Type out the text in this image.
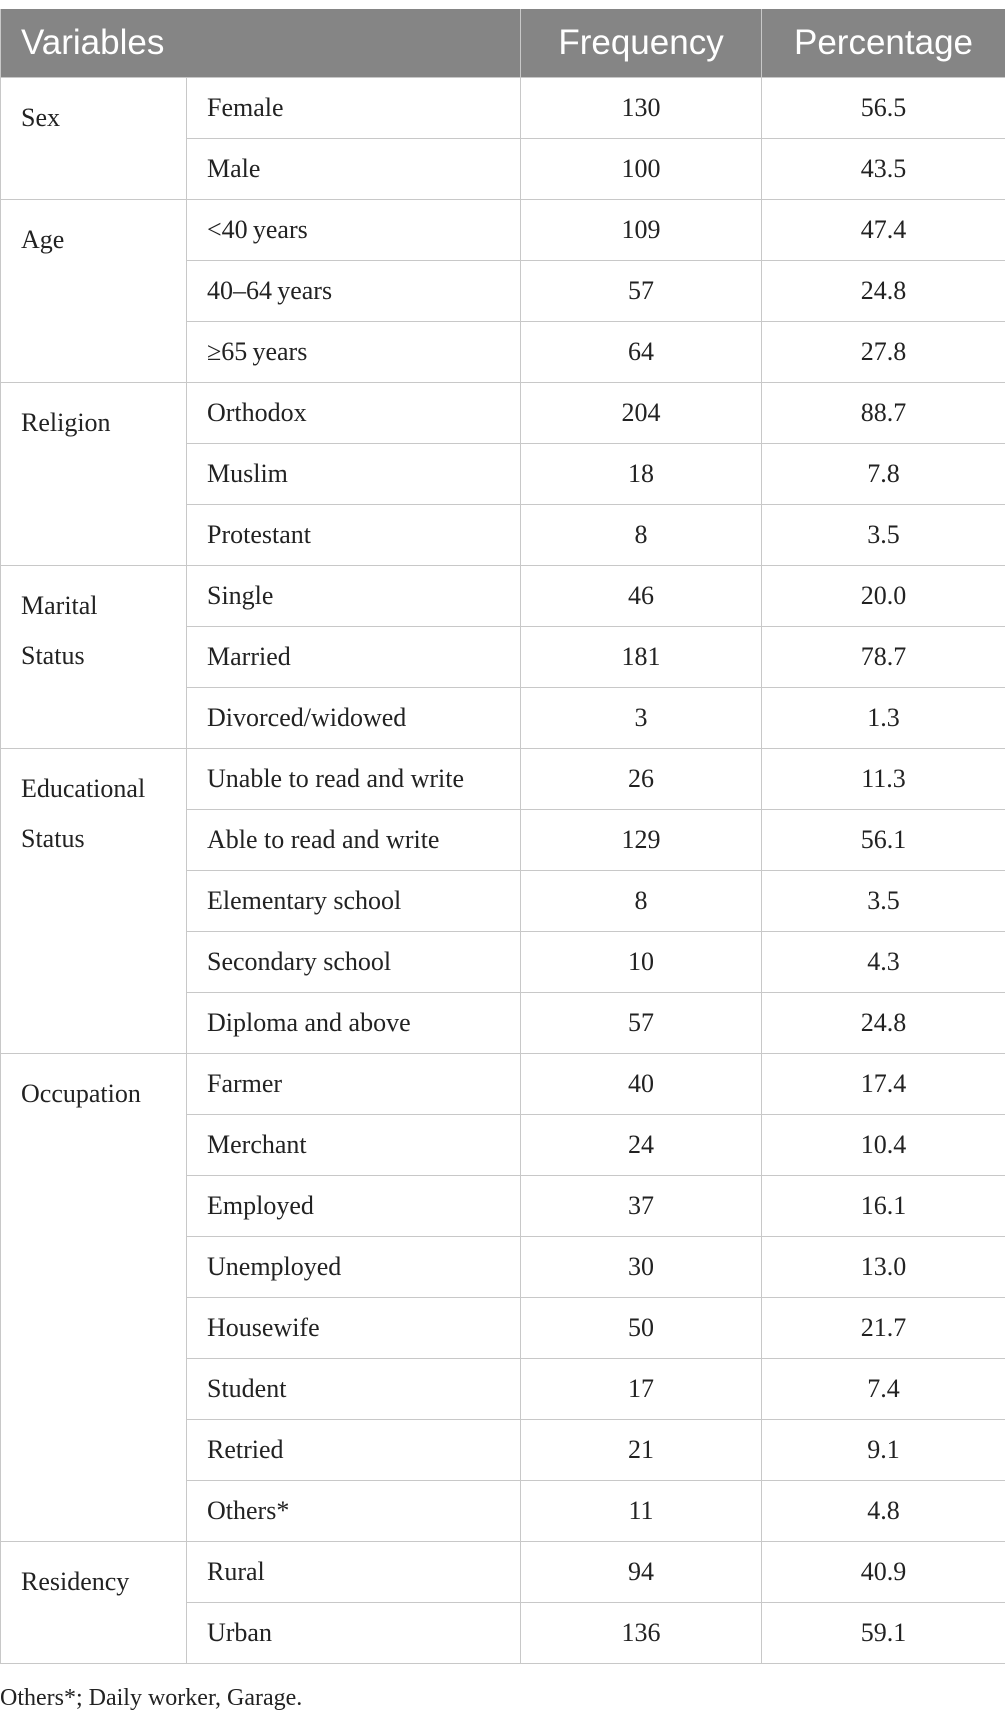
Variables		Frequency	Percentage

Sex	Female	130	56.5
	Male	100	43.5

Age	<40 years	109	47.4
	40–64 years	57	24.8
	≥65 years	64	27.8

Religion	Orthodox	204	88.7
	Muslim	18	7.8
	Protestant	8	3.5

Marital Status	Single	46	20.0
	Married	181	78.7
	Divorced/widowed	3	1.3

Educational Status	Unable to read and write	26	11.3
	Able to read and write	129	56.1
	Elementary school	8	3.5
	Secondary school	10	4.3
	Diploma and above	57	24.8

Occupation	Farmer	40	17.4
	Merchant	24	10.4
	Employed	37	16.1
	Unemployed	30	13.0
	Housewife	50	21.7
	Student	17	7.4
	Retried	21	9.1
	Others*	11	4.8

Residency	Rural	94	40.9
	Urban	136	59.1
Others*; Daily worker, Garage.
